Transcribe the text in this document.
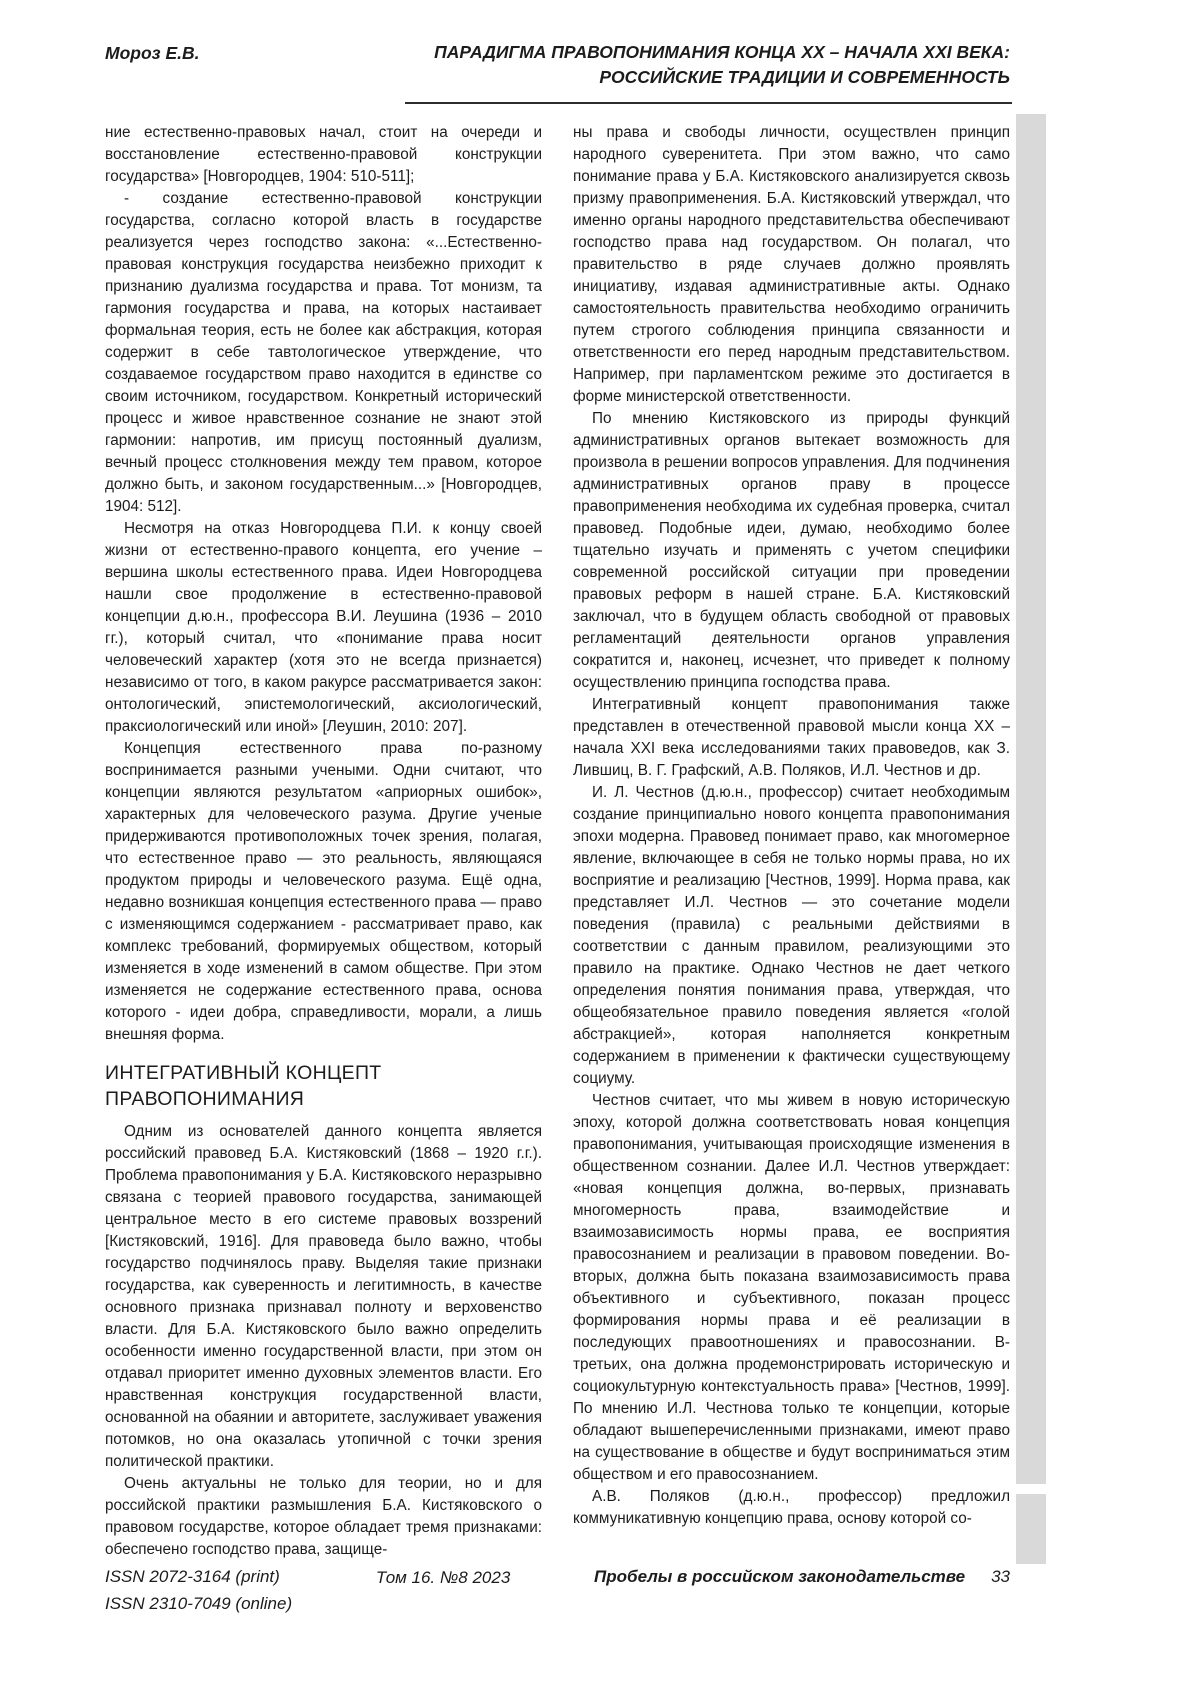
Мороз Е.В.	ПАРАДИГМА ПРАВОПОНИМАНИЯ КОНЦА XX – НАЧАЛА XXI ВЕКА:
РОССИЙСКИЕ ТРАДИЦИИ И СОВРЕМЕННОСТЬ

ние естественно-правовых начал, стоит на очереди и восстановление естественно-правовой конструкции государства» [Новгородцев, 1904: 510-511];

- создание естественно-правовой конструкции государства, согласно которой власть в государстве реализуется через господство закона: «...Естественно-правовая конструкция государства неизбежно приходит к признанию дуализма государства и права. Тот монизм, та гармония государства и права, на которых настаивает формальная теория, есть не более как абстракция, которая содержит в себе тавтологическое утверждение, что создаваемое государством право находится в единстве со своим источником, государством. Конкретный исторический процесс и живое нравственное сознание не знают этой гармонии: напротив, им присущ постоянный дуализм, вечный процесс столкновения между тем правом, которое должно быть, и законом государственным...» [Новгородцев, 1904: 512].

Несмотря на отказ Новгородцева П.И. к концу своей жизни от естественно-правого концепта, его учение – вершина школы естественного права. Идеи Новгородцева нашли свое продолжение в естественно-правовой концепции д.ю.н., профессора В.И. Леушина (1936 – 2010 гг.), который считал, что «понимание права носит человеческий характер (хотя это не всегда признается) независимо от того, в каком ракурсе рассматривается закон: онтологический, эпистемологический, аксиологический, праксиологический или иной» [Леушин, 2010: 207].

Концепция естественного права по-разному воспринимается разными учеными. Одни считают, что концепции являются результатом «априорных ошибок», характерных для человеческого разума. Другие ученые придерживаются противоположных точек зрения, полагая, что естественное право — это реальность, являющаяся продуктом природы и человеческого разума. Ещё одна, недавно возникшая концепция естественного права — право с изменяющимся содержанием - рассматривает право, как комплекс требований, формируемых обществом, который изменяется в ходе изменений в самом обществе. При этом изменяется не содержание естественного права, основа которого - идеи добра, справедливости, морали, а лишь внешняя форма.

ИНТЕГРАТИВНЫЙ КОНЦЕПТ
ПРАВОПОНИМАНИЯ

Одним из основателей данного концепта является российский правовед Б.А. Кистяковский (1868 – 1920 г.г.). Проблема правопонимания у Б.А. Кистяковского неразрывно связана с теорией правового государства, занимающей центральное место в его системе правовых воззрений [Кистяковский, 1916]. Для правоведа было важно, чтобы государство подчинялось праву. Выделяя такие признаки государства, как суверенность и легитимность, в качестве основного признака признавал полноту и верховенство власти. Для Б.А. Кистяковского было важно определить особенности именно государственной власти, при этом он отдавал приоритет именно духовных элементов власти. Его нравственная конструкция государственной власти, основанной на обаянии и авторитете, заслуживает уважения потомков, но она оказалась утопичной с точки зрения политической практики.

Очень актуальны не только для теории, но и для российской практики размышления Б.А. Кистяковского о правовом государстве, которое обладает тремя признаками: обеспечено господство права, защище-

ны права и свободы личности, осуществлен принцип народного суверенитета. При этом важно, что само понимание права у Б.А. Кистяковского анализируется сквозь призму правоприменения. Б.А. Кистяковский утверждал, что именно органы народного представительства обеспечивают господство права над государством. Он полагал, что правительство в ряде случаев должно проявлять инициативу, издавая административные акты. Однако самостоятельность правительства необходимо ограничить путем строгого соблюдения принципа связанности и ответственности его перед народным представительством. Например, при парламентском режиме это достигается в форме министерской ответственности.

По мнению Кистяковского из природы функций административных органов вытекает возможность для произвола в решении вопросов управления. Для подчинения административных органов праву в процессе правоприменения необходима их судебная проверка, считал правовед. Подобные идеи, думаю, необходимо более тщательно изучать и применять с учетом специфики современной российской ситуации при проведении правовых реформ в нашей стране. Б.А. Кистяковский заключал, что в будущем область свободной от правовых регламентаций деятельности органов управления сократится и, наконец, исчезнет, что приведет к полному осуществлению принципа господства права.

Интегративный концепт правопонимания также представлен в отечественной правовой мысли конца XX – начала XXI века исследованиями таких правоведов, как З. Лившиц, В. Г. Графский, А.В. Поляков, И.Л. Честнов и др.

И. Л. Честнов (д.ю.н., профессор) считает необходимым создание принципиально нового концепта правопонимания эпохи модерна. Правовед понимает право, как многомерное явление, включающее в себя не только нормы права, но их восприятие и реализацию [Честнов, 1999]. Норма права, как представляет И.Л. Честнов — это сочетание модели поведения (правила) с реальными действиями в соответствии с данным правилом, реализующими это правило на практике. Однако Честнов не дает четкого определения понятия понимания права, утверждая, что общеобязательное правило поведения является «голой абстракцией», которая наполняется конкретным содержанием в применении к фактически существующему социуму.

Честнов считает, что мы живем в новую историческую эпоху, которой должна соответствовать новая концепция правопонимания, учитывающая происходящие изменения в общественном сознании. Далее И.Л. Честнов утверждает: «новая концепция должна, во-первых, признавать многомерность права, взаимодействие и взаимозависимость нормы права, ее восприятия правосознанием и реализации в правовом поведении. Во-вторых, должна быть показана взаимозависимость права объективного и субъективного, показан процесс формирования нормы права и её реализации в последующих правоотношениях и правосознании. В-третьих, она должна продемонстрировать историческую и социокультурную контекстуальность права» [Честнов, 1999]. По мнению И.Л. Честнова только те концепции, которые обладают вышеперечисленными признаками, имеют право на существование в обществе и будут восприниматься этим обществом и его правосознанием.

А.В. Поляков (д.ю.н., профессор) предложил коммуникативную концепцию права, основу которой со-

ISSN 2072-3164 (print)
ISSN 2310-7049 (online)
Том 16. №8 2023	Пробелы в российском законодательстве 33
